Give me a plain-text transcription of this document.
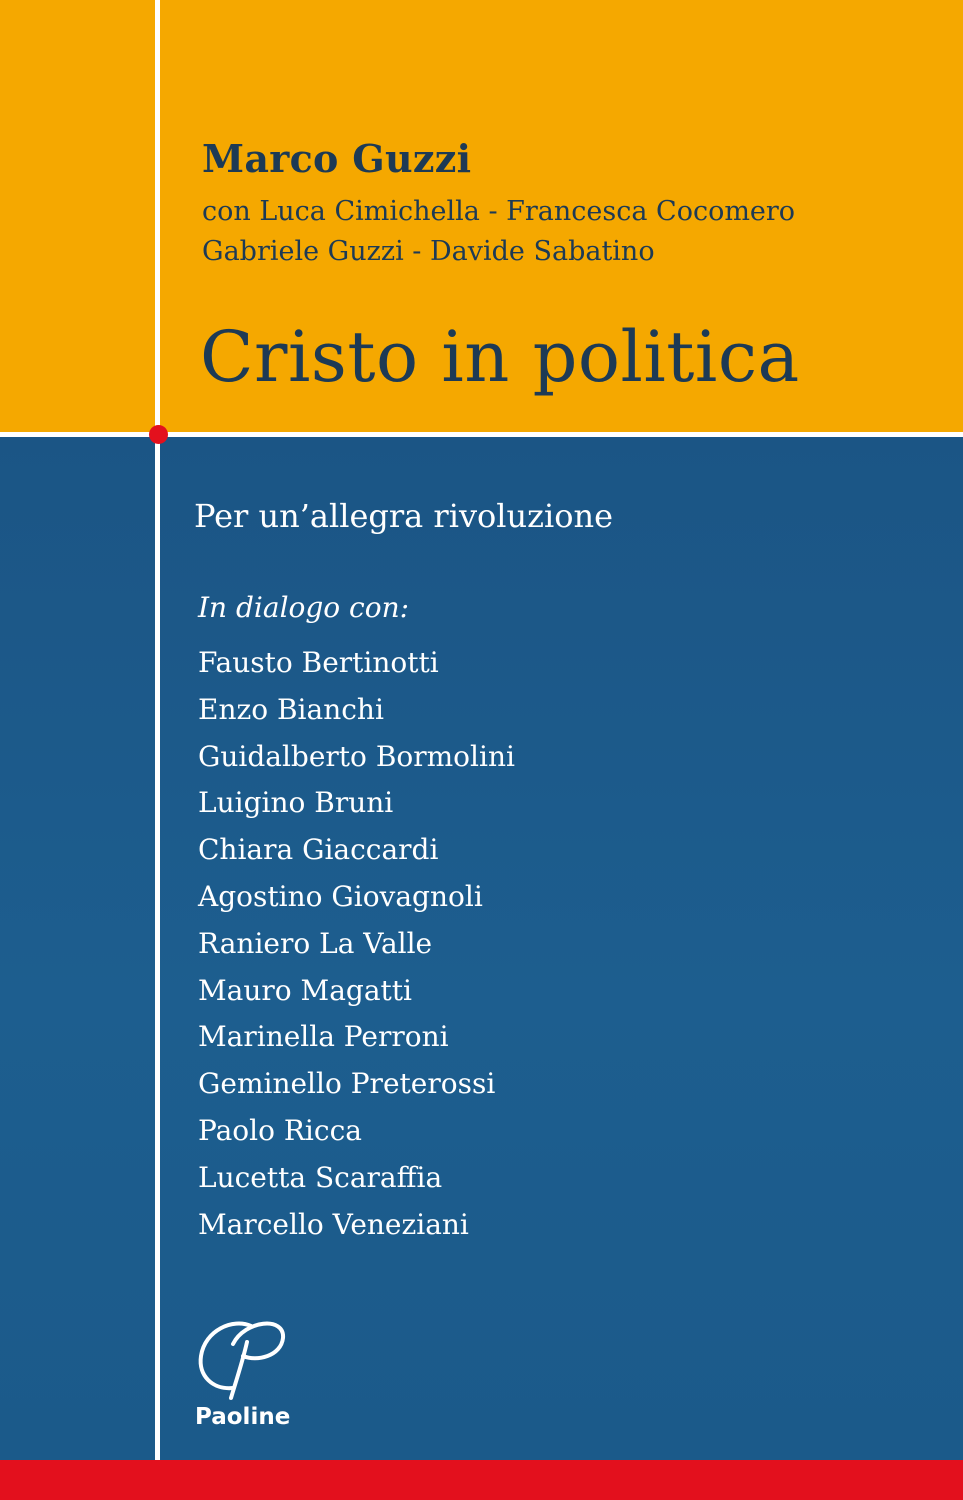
Marco Guzzi
con Luca Cimichella - Francesca Cocomero
Gabriele Guzzi - Davide Sabatino
Cristo in politica
Per un’allegra rivoluzione
In dialogo con:
Fausto Bertinotti
Enzo Bianchi
Guidalberto Bormolini
Luigino Bruni
Chiara Giaccardi
Agostino Giovagnoli
Raniero La Valle
Mauro Magatti
Marinella Perroni
Geminello Preterossi
Paolo Ricca
Lucetta Scaraffia
Marcello Veneziani
Paoline
